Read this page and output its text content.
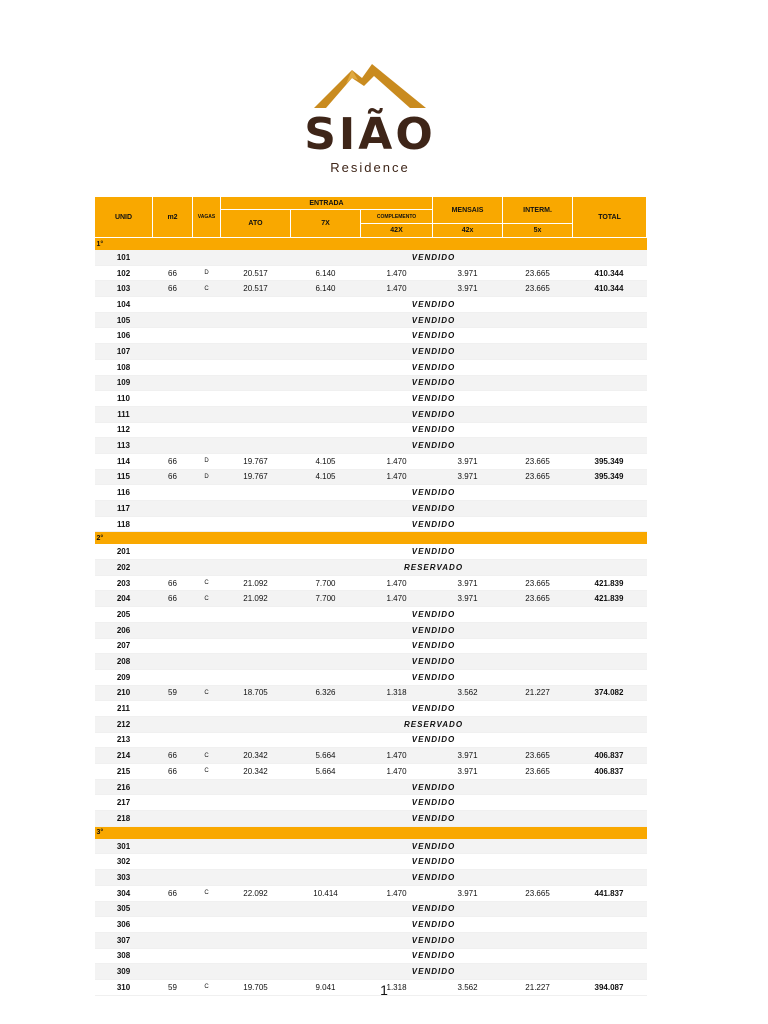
SIÃO
Residence
UNID	m2	VAGAS	ENTRADA			MENSAIS	INTERM.	TOTAL
			ATO	7X	COMPLEMENTO			
					42X	42x	5x	
1°								
101			VENDIDO					
102	66	D	20.517	6.140	1.470	3.971	23.665	410.344
103	66	C	20.517	6.140	1.470	3.971	23.665	410.344
104			VENDIDO					
105			VENDIDO					
106			VENDIDO					
107			VENDIDO					
108			VENDIDO					
109			VENDIDO					
110			VENDIDO					
111			VENDIDO					
112			VENDIDO					
113			VENDIDO					
114	66	D	19.767	4.105	1.470	3.971	23.665	395.349
115	66	D	19.767	4.105	1.470	3.971	23.665	395.349
116			VENDIDO					
117			VENDIDO					
118			VENDIDO					
2°								
201			VENDIDO					
202			RESERVADO					
203	66	C	21.092	7.700	1.470	3.971	23.665	421.839
204	66	C	21.092	7.700	1.470	3.971	23.665	421.839
205			VENDIDO					
206			VENDIDO					
207			VENDIDO					
208			VENDIDO					
209			VENDIDO					
210	59	C	18.705	6.326	1.318	3.562	21.227	374.082
211			VENDIDO					
212			RESERVADO					
213			VENDIDO					
214	66	C	20.342	5.664	1.470	3.971	23.665	406.837
215	66	C	20.342	5.664	1.470	3.971	23.665	406.837
216			VENDIDO					
217			VENDIDO					
218			VENDIDO					
3°								
301			VENDIDO					
302			VENDIDO					
303			VENDIDO					
304	66	C	22.092	10.414	1.470	3.971	23.665	441.837
305			VENDIDO					
306			VENDIDO					
307			VENDIDO					
308			VENDIDO					
309			VENDIDO					
310	59	C	19.705	9.041	1.318	3.562	21.227	394.087
1
